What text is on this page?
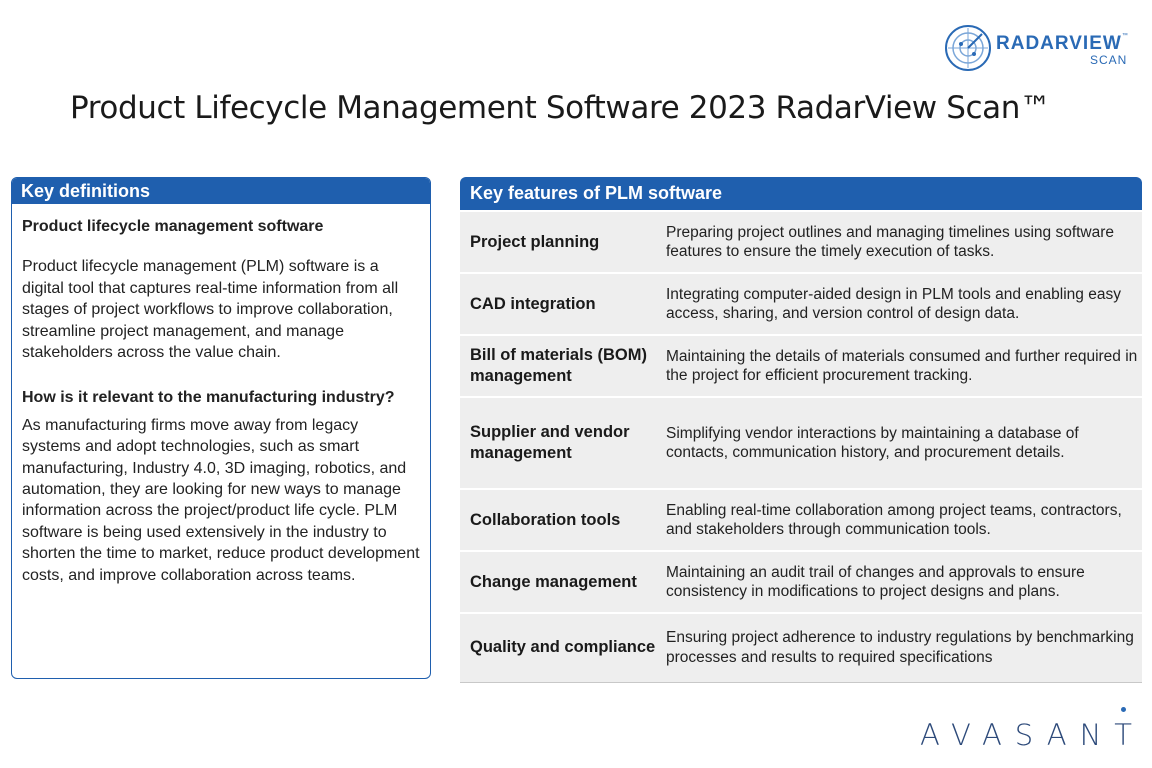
RADARVIEW™
SCAN
Product Lifecycle Management Software 2023 RadarView Scan™
Key definitions

Product lifecycle management software

Product lifecycle management (PLM) software is a digital tool that captures real-time information from all stages of project workflows to improve collaboration, streamline project management, and manage stakeholders across the value chain.

How is it relevant to the manufacturing industry?

As manufacturing firms move away from legacy systems and adopt technologies, such as smart manufacturing, Industry 4.0, 3D imaging, robotics, and automation, they are looking for new ways to manage information across the project/product life cycle. PLM software is being used extensively in the industry to shorten the time to market, reduce product development costs, and improve collaboration across teams.

Key features of PLM software
Project planning	Preparing project outlines and managing timelines using software features to ensure the timely execution of tasks.
CAD integration	Integrating computer-aided design in PLM tools and enabling easy access, sharing, and version control of design data.
Bill of materials (BOM) management	Maintaining the details of materials consumed and further required in the project for efficient procurement tracking.
Supplier and vendor management	Simplifying vendor interactions by maintaining a database of contacts, communication history, and procurement details.
Collaboration tools	Enabling real-time collaboration among project teams, contractors, and stakeholders through communication tools.
Change management	Maintaining an audit trail of changes and approvals to ensure consistency in modifications to project designs and plans.
Quality and compliance	Ensuring project adherence to industry regulations by benchmarking processes and results to required specifications
AVASANT
